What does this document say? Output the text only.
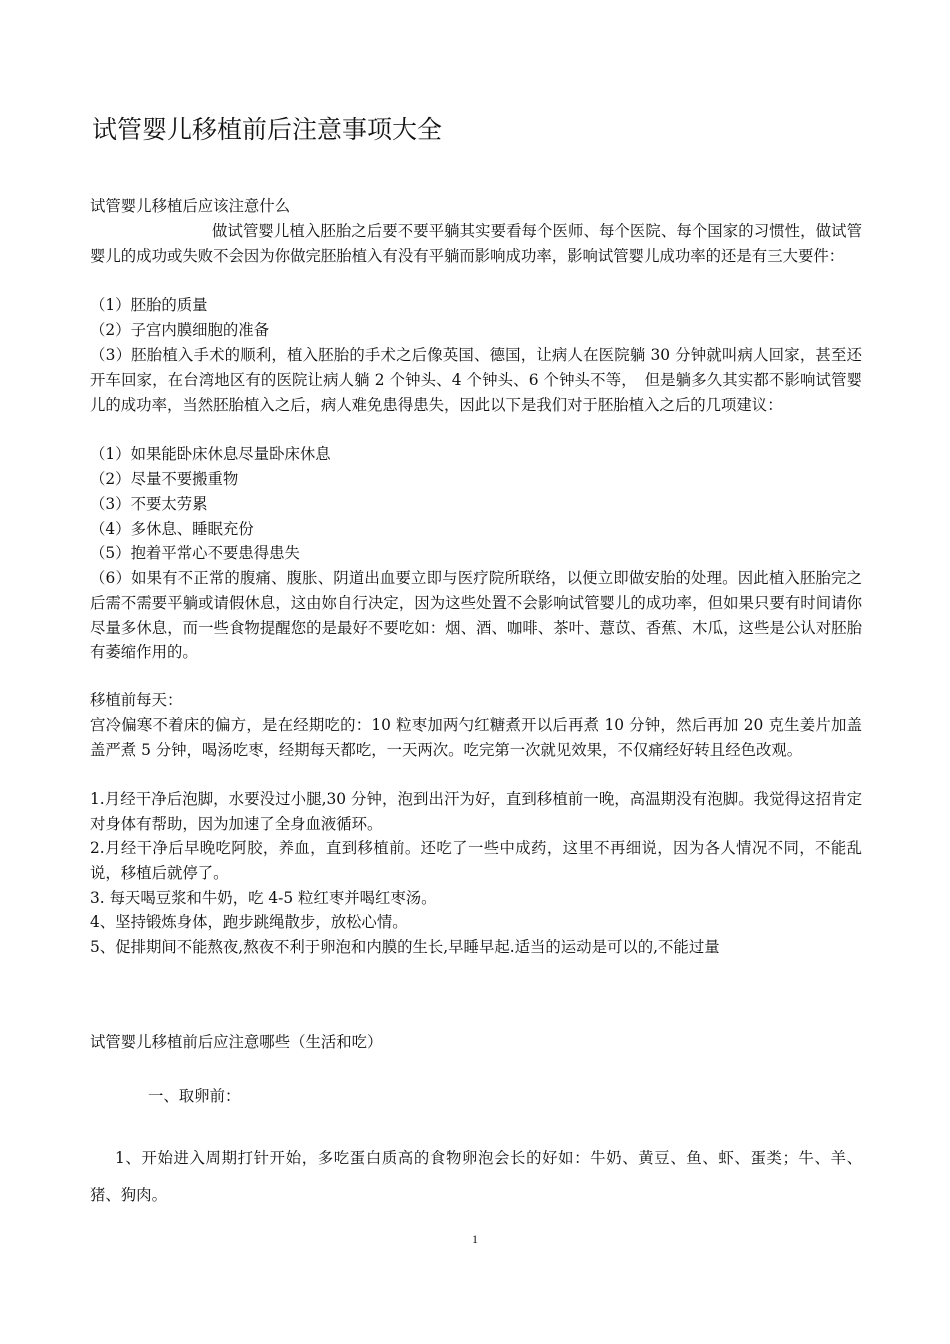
试管婴儿移植前后注意事项大全
试管婴儿移植后应该注意什么

做试管婴儿植入胚胎之后要不要平躺其实要看每个医师、每个医院、每个国家的习惯性，做试管婴儿的成功或失败不会因为你做完胚胎植入有没有平躺而影响成功率，影响试管婴儿成功率的还是有三大要件：

（1）胚胎的质量

（2）子宫内膜细胞的准备

（3）胚胎植入手术的顺利，植入胚胎的手术之后像英国、德国，让病人在医院躺 30 分钟就叫病人回家，甚至还开车回家，在台湾地区有的医院让病人躺 2 个钟头、4 个钟头、6 个钟头不等，　但是躺多久其实都不影响试管婴儿的成功率，当然胚胎植入之后，病人难免患得患失，因此以下是我们对于胚胎植入之后的几项建议：

（1）如果能卧床休息尽量卧床休息

（2）尽量不要搬重物

（3）不要太劳累

（4）多休息、睡眠充份

（5）抱着平常心不要患得患失

（6）如果有不正常的腹痛、腹胀、阴道出血要立即与医疗院所联络，以便立即做安胎的处理。因此植入胚胎完之后需不需要平躺或请假休息，这由妳自行决定，因为这些处置不会影响试管婴儿的成功率，但如果只要有时间请你尽量多休息，而一些食物提醒您的是最好不要吃如：烟、酒、咖啡、茶叶、薏苡、香蕉、木瓜，这些是公认对胚胎有萎缩作用的。

移植前每天：

宫冷偏寒不着床的偏方，是在经期吃的：10 粒枣加两勺红糖煮开以后再煮 10 分钟，然后再加 20 克生姜片加盖盖严煮 5 分钟，喝汤吃枣，经期每天都吃，一天两次。吃完第一次就见效果，不仅痛经好转且经色改观。

1.月经干净后泡脚，水要没过小腿,30 分钟，泡到出汗为好，直到移植前一晚，高温期没有泡脚。我觉得这招肯定对身体有帮助，因为加速了全身血液循环。

2.月经干净后早晚吃阿胶，养血，直到移植前。还吃了一些中成药，这里不再细说，因为各人情况不同，不能乱说，移植后就停了。

3. 每天喝豆浆和牛奶，吃 4-5 粒红枣并喝红枣汤。

4、坚持锻炼身体，跑步跳绳散步，放松心情。

5、促排期间不能熬夜,熬夜不利于卵泡和内膜的生长,早睡早起.适当的运动是可以的,不能过量

试管婴儿移植前后应注意哪些（生活和吃）
一、取卵前：

1、开始进入周期打针开始，多吃蛋白质高的食物卵泡会长的好如：牛奶、黄豆、鱼、虾、蛋类；牛、羊、猪、狗肉。

1
